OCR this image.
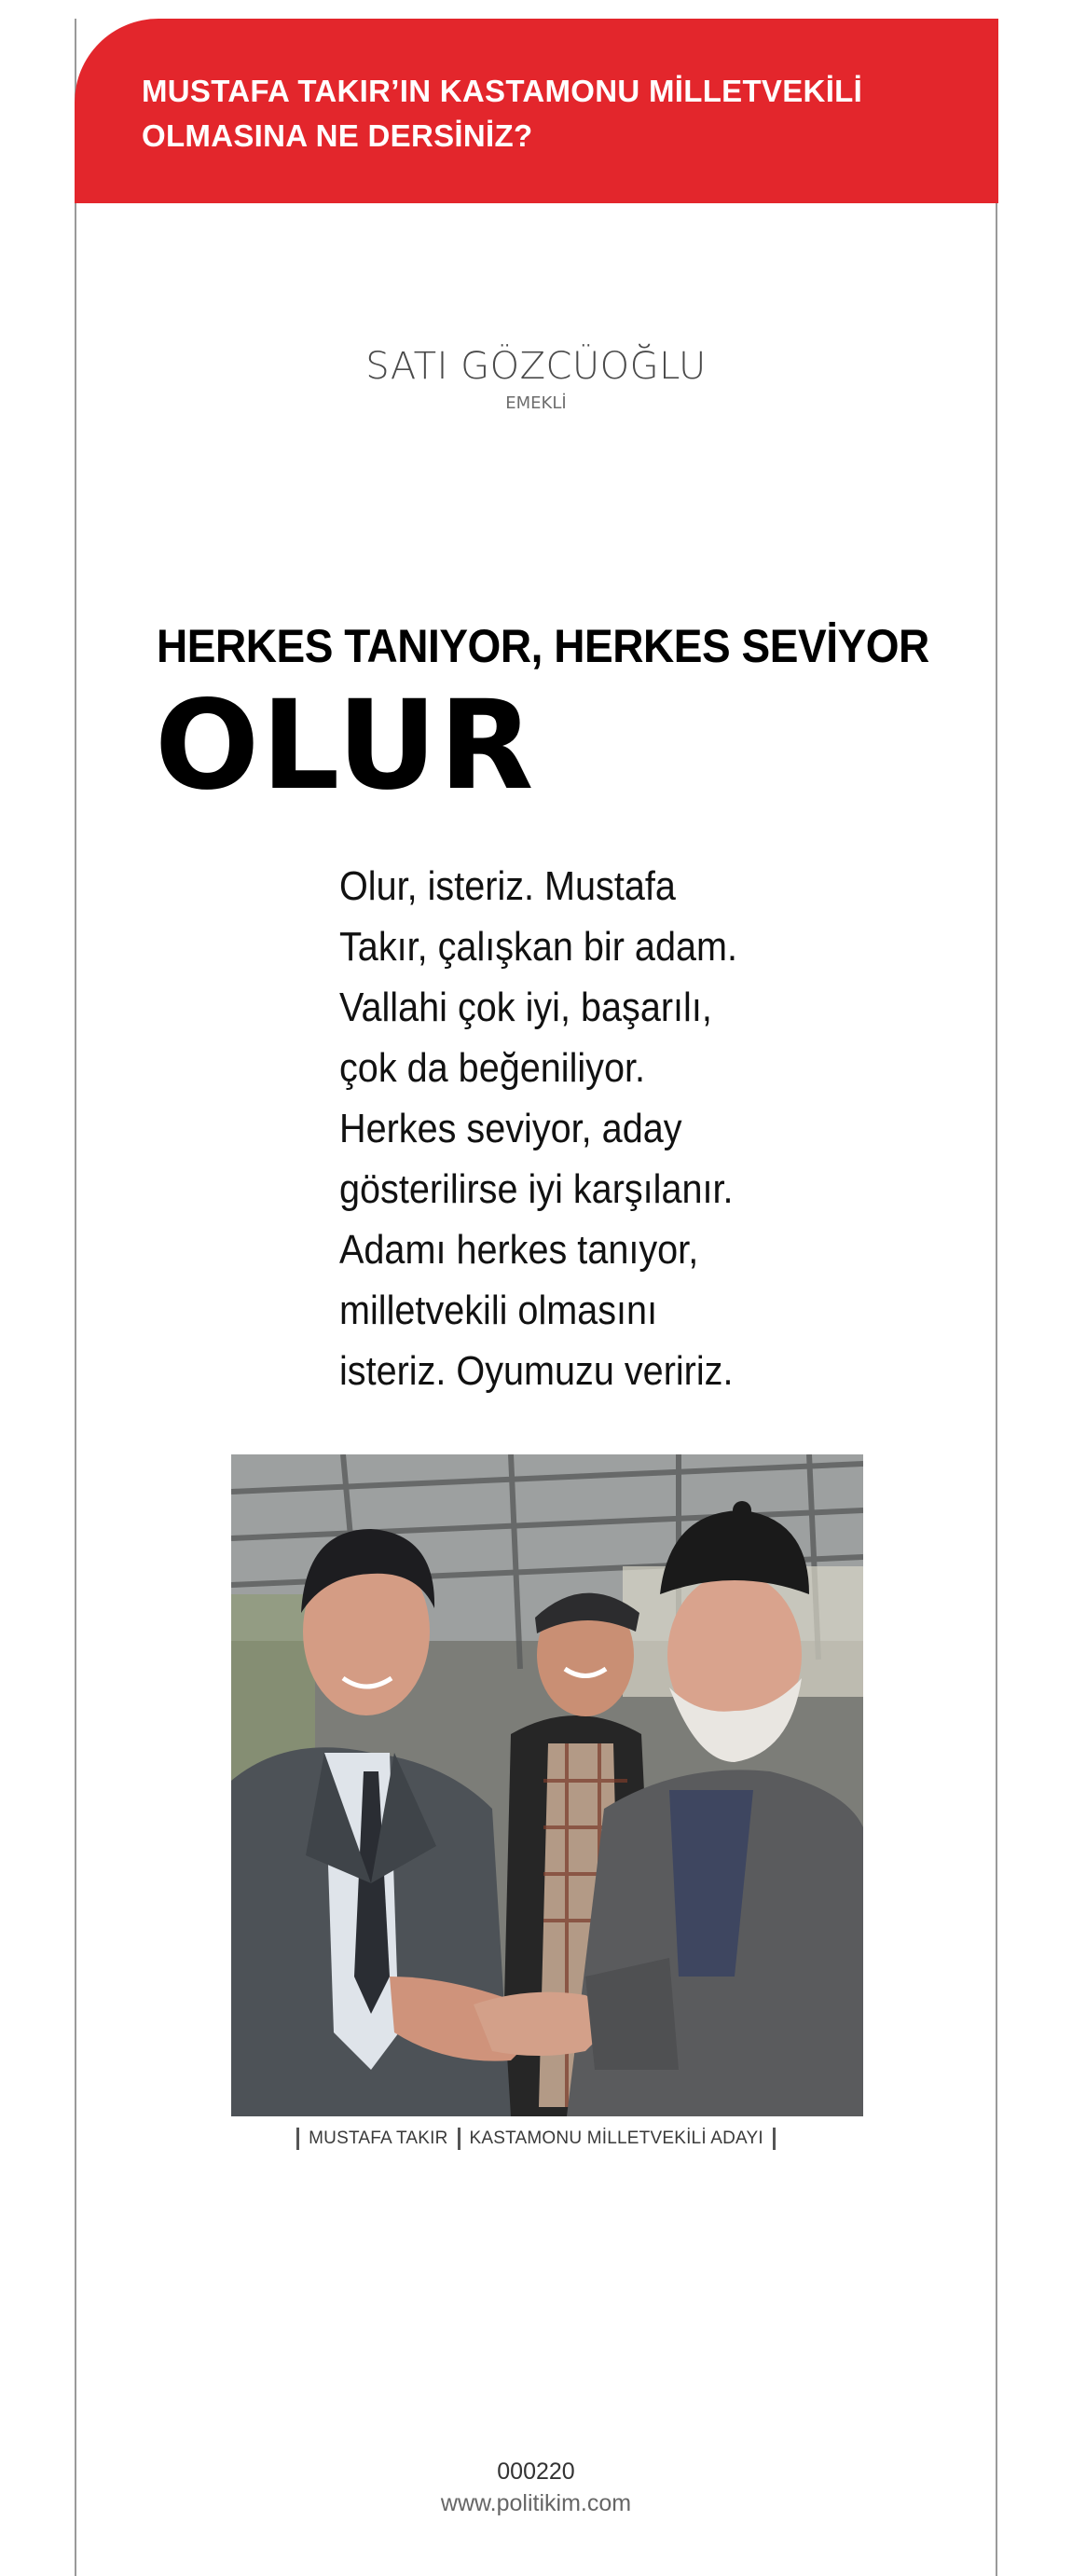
MUSTAFA TAKIR’IN KASTAMONU MİLLETVEKİLİ
OLMASINA NE DERSİNİZ?

SATI GÖZCÜOĞLU
EMEKLİ
HERKES TANIYOR, HERKES SEVİYOR
OLUR
Olur, isteriz. Mustafa
Takır, çalışkan bir adam.
Vallahi çok iyi, başarılı,
çok da beğeniliyor.
Herkes seviyor, aday
gösterilirse iyi karşılanır.
Adamı herkes tanıyor,
milletvekili olmasını
isteriz. Oyumuzu veririz.
MUSTAFA TAKIR KASTAMONU MİLLETVEKİLİ ADAYI
000220
www.politikim.com
